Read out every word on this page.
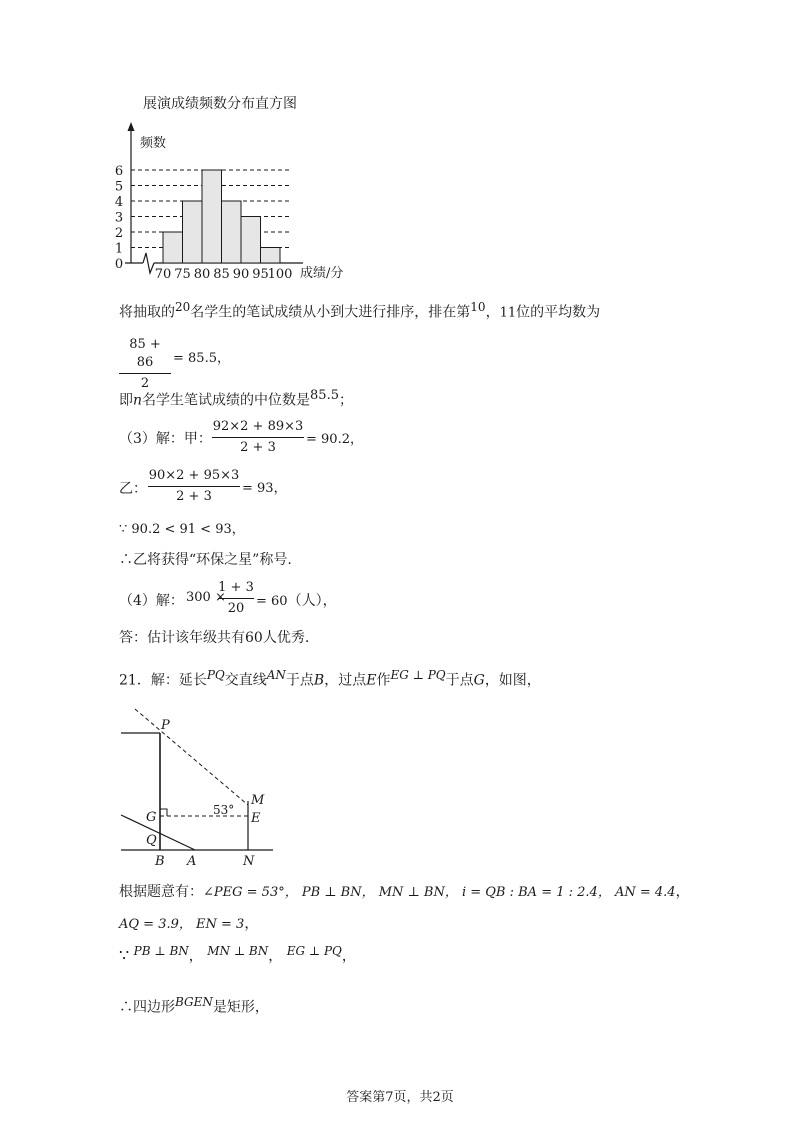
展演成绩频数分布直方图
频数
成绩/分
0
1
2
3
4
5
6
70 75 80 85 90 95
100
将抽取的$^{20}$名学生的笔试成绩从小到大进行排序，排在第$^{10}$，11位的平均数为
85 + 86
2
= 85.5，
即n名学生笔试成绩的中位数是$^{85.5}$；
（3）解：甲：
92×2 + 89×3
2 + 3
= 90.2，
乙：
90×2 + 95×3
2 + 3
= 93，
∵ 90.2 < 91 < 93，
∴乙将获得“环保之星”称号.
（4）解： 300 ×
1 + 3
20 = 60（人），
答：估计该年级共有60人优秀.
21．解：延长$^{PQ}$交直线$^{AN}$于点B，过点E作$^{EG \perp PQ}$于点G，如图，
P
M
53°
G	E
Q
B A	N
根据题意有：∠PEG = 53°， PB ⊥ BN， MN ⊥ BN， i = QB : BA = 1 : 2.4， AN = 4.4，
AQ = 3.9， EN = 3，
∵ $^{PB \perp BN}$， $^{MN \perp BN}$， $^{EG \perp PQ}$，
∴四边形$^{BGEN}$是矩形，
答案第7页，共2页
